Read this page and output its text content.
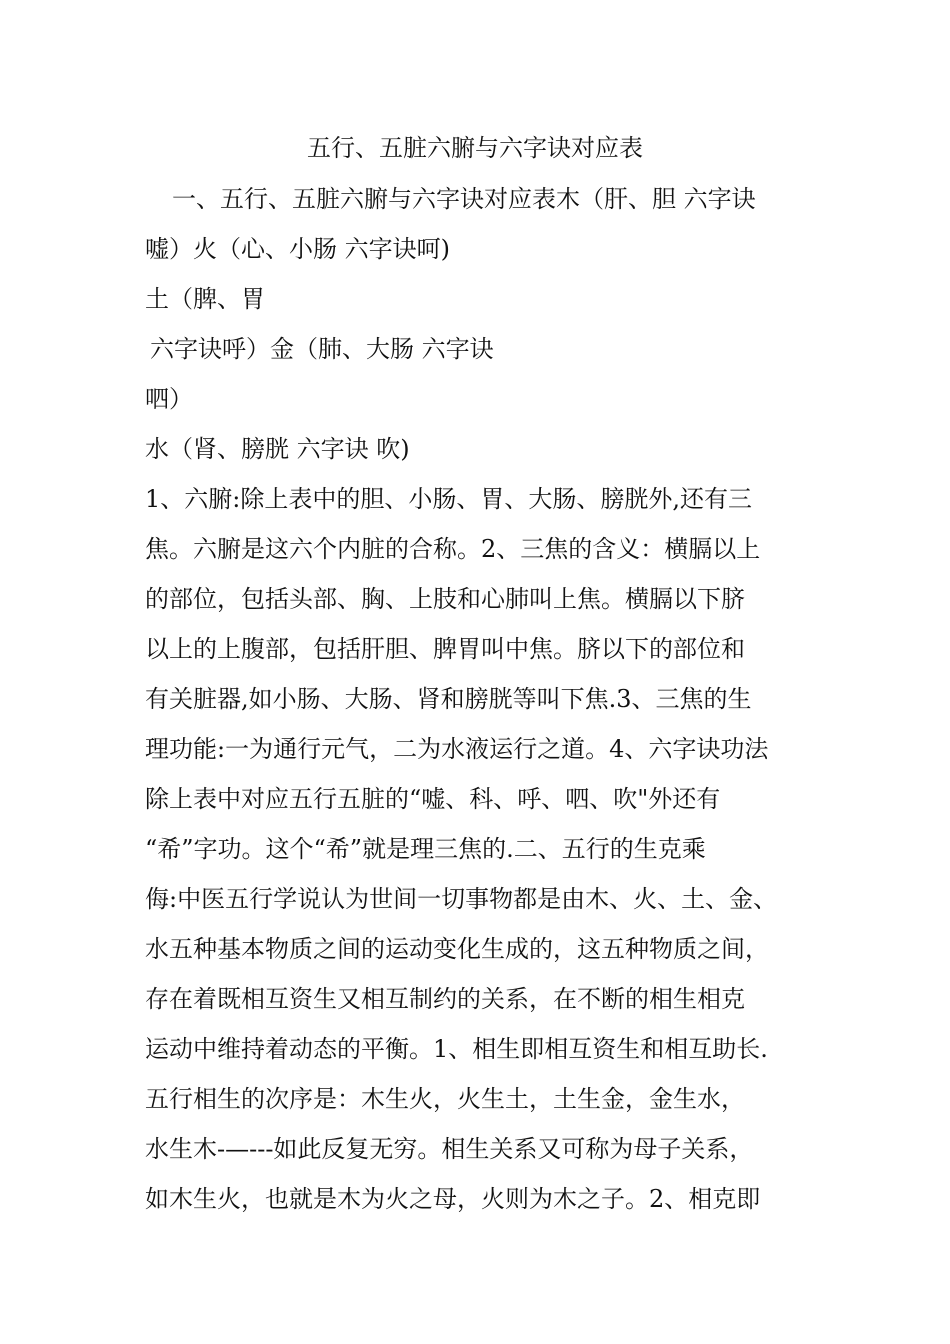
五行、五脏六腑与六字诀对应表
一、五行、五脏六腑与六字诀对应表木（肝、胆 六字诀
嘘）火（心、小肠 六字诀呵)
土（脾、胃
六字诀呼）金（肺、大肠 六字诀
呬）
水（肾、膀胱 六字诀 吹)
1、六腑:除上表中的胆、小肠、胃、大肠、膀胱外,还有三
焦。六腑是这六个内脏的合称。2、三焦的含义：横膈以上
的部位，包括头部、胸、上肢和心肺叫上焦。横膈以下脐
以上的上腹部，包括肝胆、脾胃叫中焦。脐以下的部位和
有关脏器,如小肠、大肠、肾和膀胱等叫下焦.3、三焦的生
理功能:一为通行元气，二为水液运行之道。4、六字诀功法
除上表中对应五行五脏的“嘘、科、呼、呬、吹"外还有
“希”字功。这个“希”就是理三焦的.二、五行的生克乘
侮:中医五行学说认为世间一切事物都是由木、火、土、金、
水五种基本物质之间的运动变化生成的，这五种物质之间，
存在着既相互资生又相互制约的关系，在不断的相生相克
运动中维持着动态的平衡。1、相生即相互资生和相互助长.
五行相生的次序是：木生火，火生土，土生金，金生水，
水生木-—---如此反复无穷。相生关系又可称为母子关系，
如木生火，也就是木为火之母，火则为木之子。2、相克即
